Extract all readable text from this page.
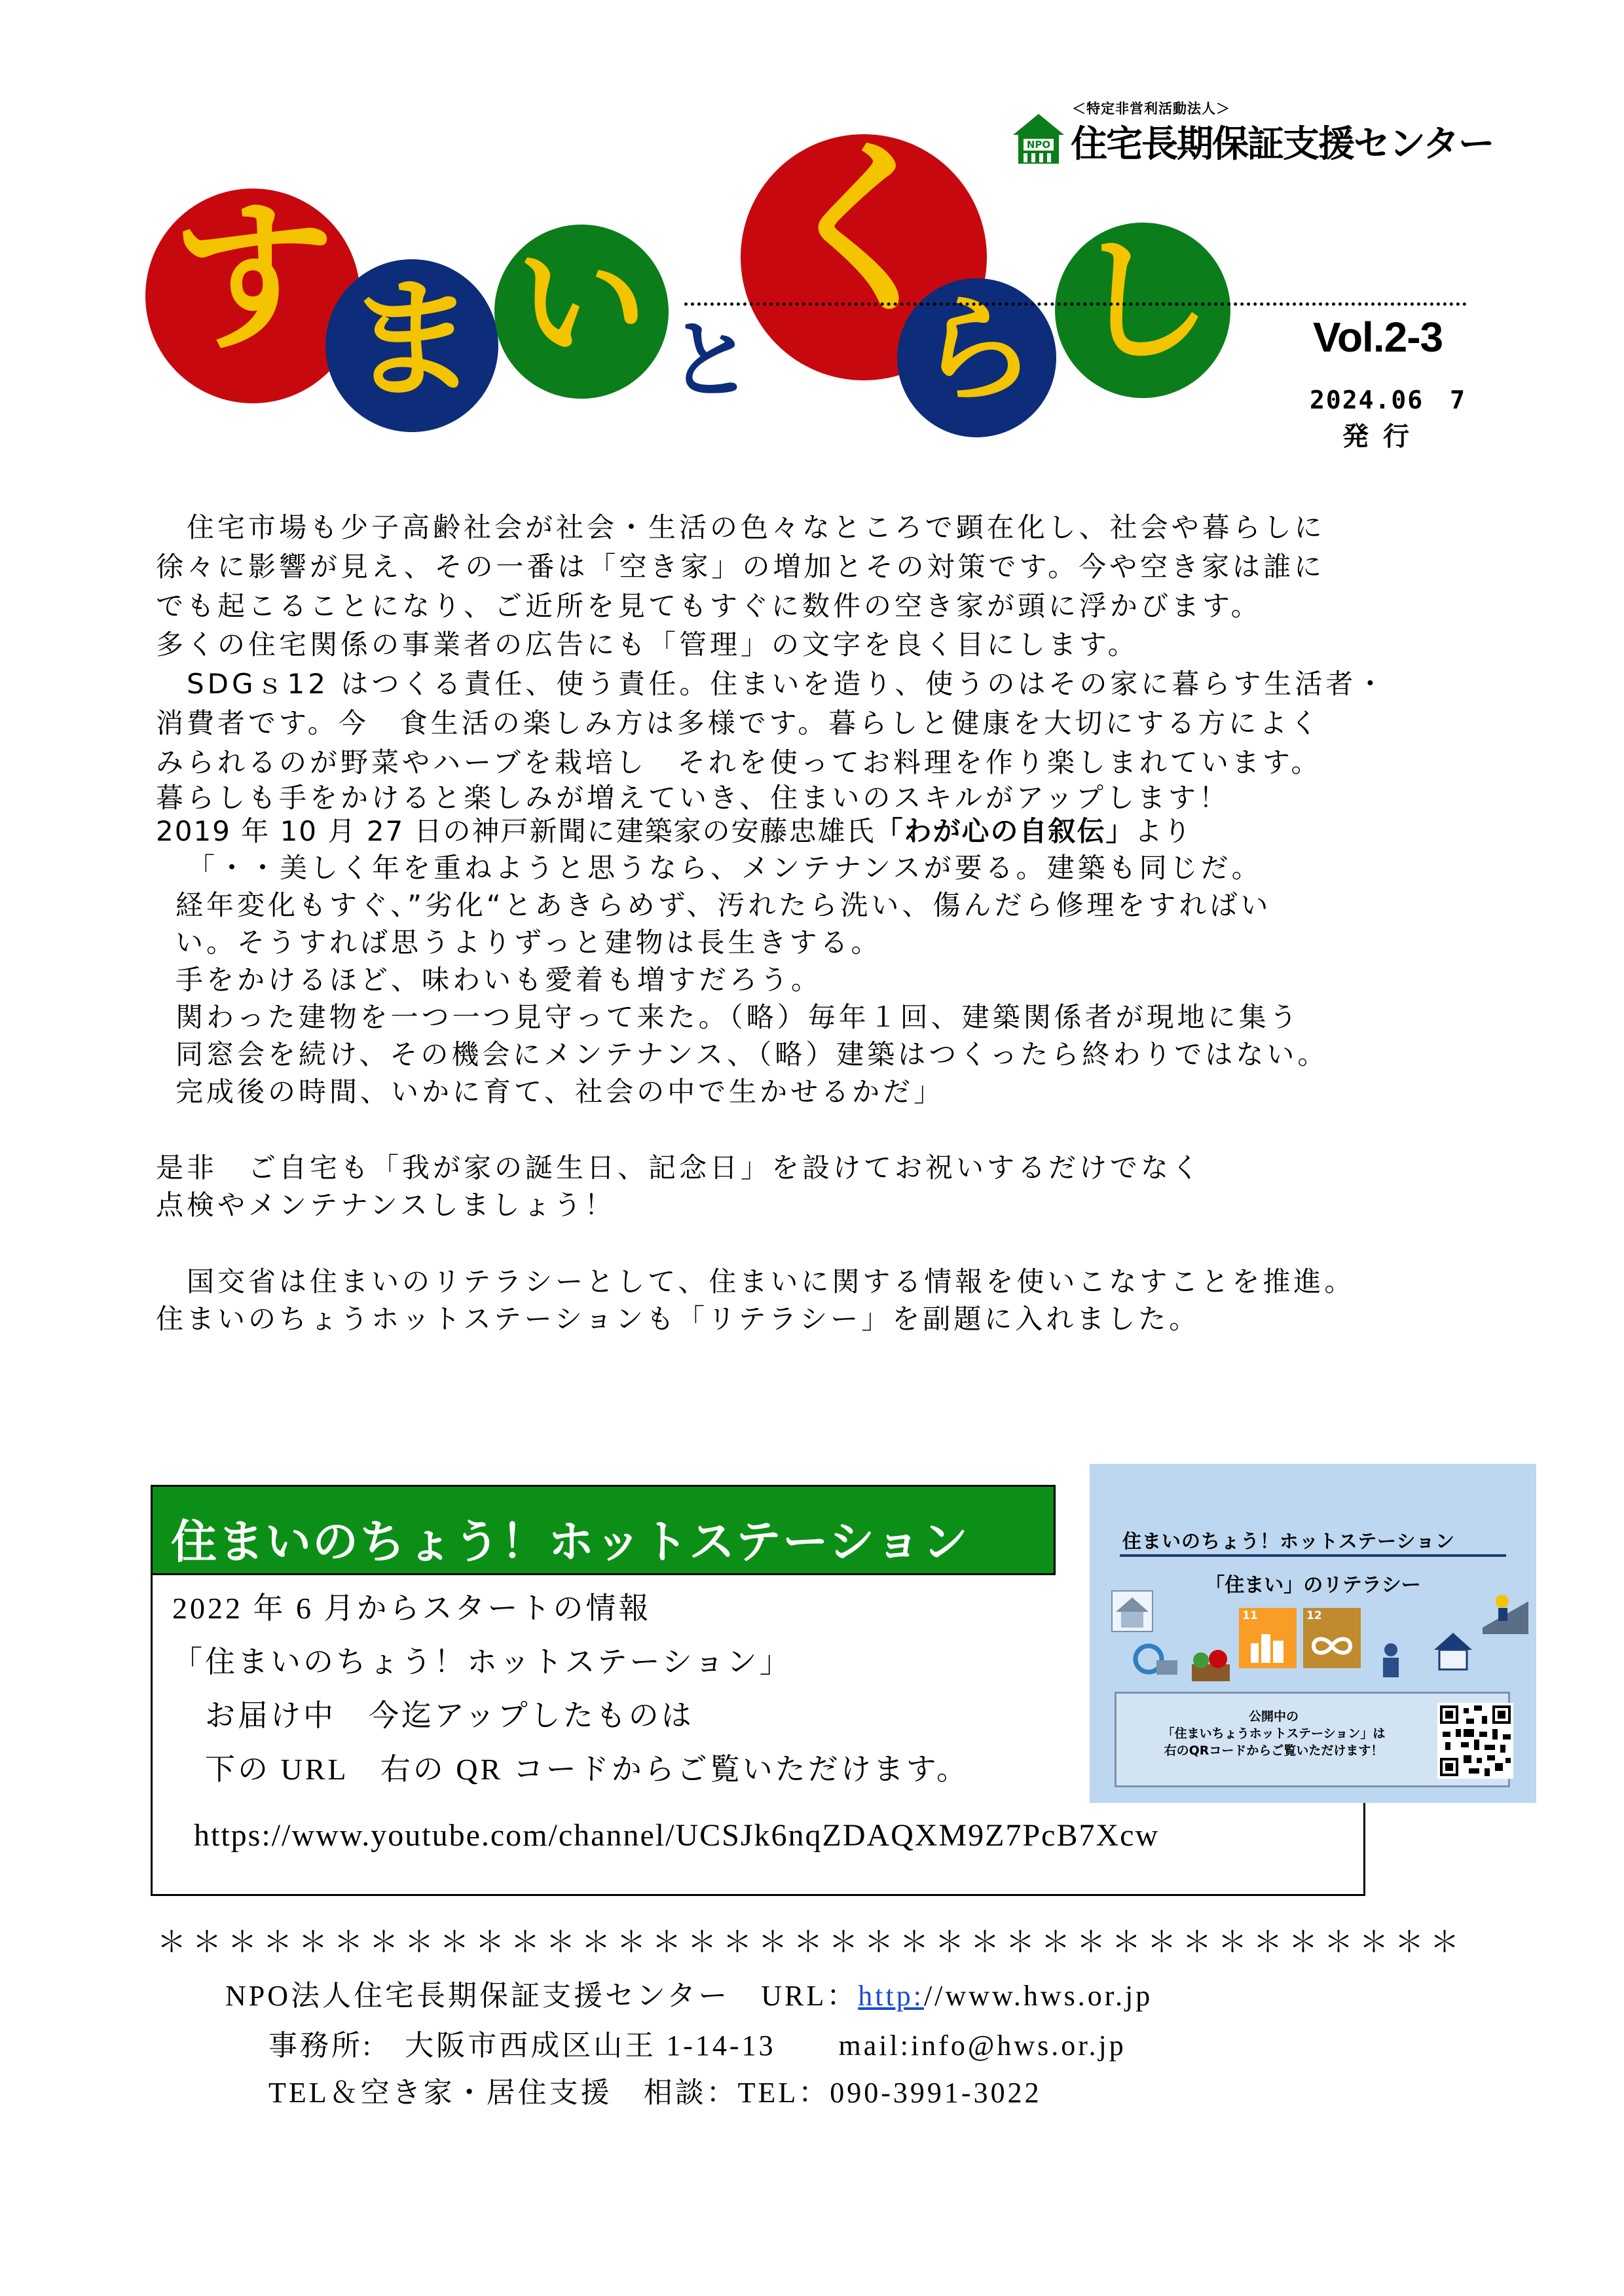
NPO
＜特定非営利活動法人＞
住宅長期保証支援センター
す ま い と
く
ら し	Vol.2-3
2024.06　7
発行
　住宅市場も少子高齢社会が社会・生活の色々なところで顕在化し、社会や暮らしに
徐々に影響が見え、その一番は「空き家」の増加とその対策です。今や空き家は誰に
でも起こることになり、ご近所を見てもすぐに数件の空き家が頭に浮かびます。
多くの住宅関係の事業者の広告にも「管理」の文字を良く目にします。
　SDGｓ12 はつくる責任、使う責任。住まいを造り、使うのはその家に暮らす生活者・
消費者です。今　食生活の楽しみ方は多様です。暮らしと健康を大切にする方によく
みられるのが野菜やハーブを栽培し　それを使ってお料理を作り楽しまれています。
暮らしも手をかけると楽しみが増えていき、住まいのスキルがアップします！
2019 年 10 月 27 日の神戸新聞に建築家の安藤忠雄氏「わが心の自叙伝」より
「・・美しく年を重ねようと思うなら、メンテナンスが要る。建築も同じだ。
経年変化もすぐ、”劣化“とあきらめず、汚れたら洗い、傷んだら修理をすればい
い。そうすれば思うよりずっと建物は長生きする。
手をかけるほど、味わいも愛着も増すだろう。
関わった建物を一つ一つ見守って来た。（略）毎年１回、建築関係者が現地に集う
同窓会を続け、その機会にメンテナンス、（略）建築はつくったら終わりではない。
完成後の時間、いかに育て、社会の中で生かせるかだ」
是非　ご自宅も「我が家の誕生日、記念日」を設けてお祝いするだけでなく
点検やメンテナンスしましょう！
　国交省は住まいのリテラシーとして、住まいに関する情報を使いこなすことを推進。
住まいのちょうホットステーションも「リテラシー」を副題に入れました。
住まいのちょう！ホットステーション
2022 年 6 月からスタートの情報
「住まいのちょう！ホットステーション」
　お届け中　今迄アップしたものは
　下の URL　右の QR コードからご覧いただけます。
https://www.youtube.com/channel/UCSJk6nqZDAQXM9Z7PcB7Xcw
住まいのちょう！ホットステーション
「住まい」のリテラシー
11	12
公開中の
「住まいちょうホットステーション」は
右のQRコードからご覧いただけます！
＊＊＊＊＊＊＊＊＊＊＊＊＊＊＊＊＊＊＊＊＊＊＊＊＊＊＊＊＊＊＊＊＊＊＊＊＊
NPO法人住宅長期保証支援センター　URL：http://www.hws.or.jp
事務所:　大阪市西成区山王 1-14-13　　mail:info@hws.or.jp
TEL＆空き家・居住支援　相談：TEL：090-3991-3022
